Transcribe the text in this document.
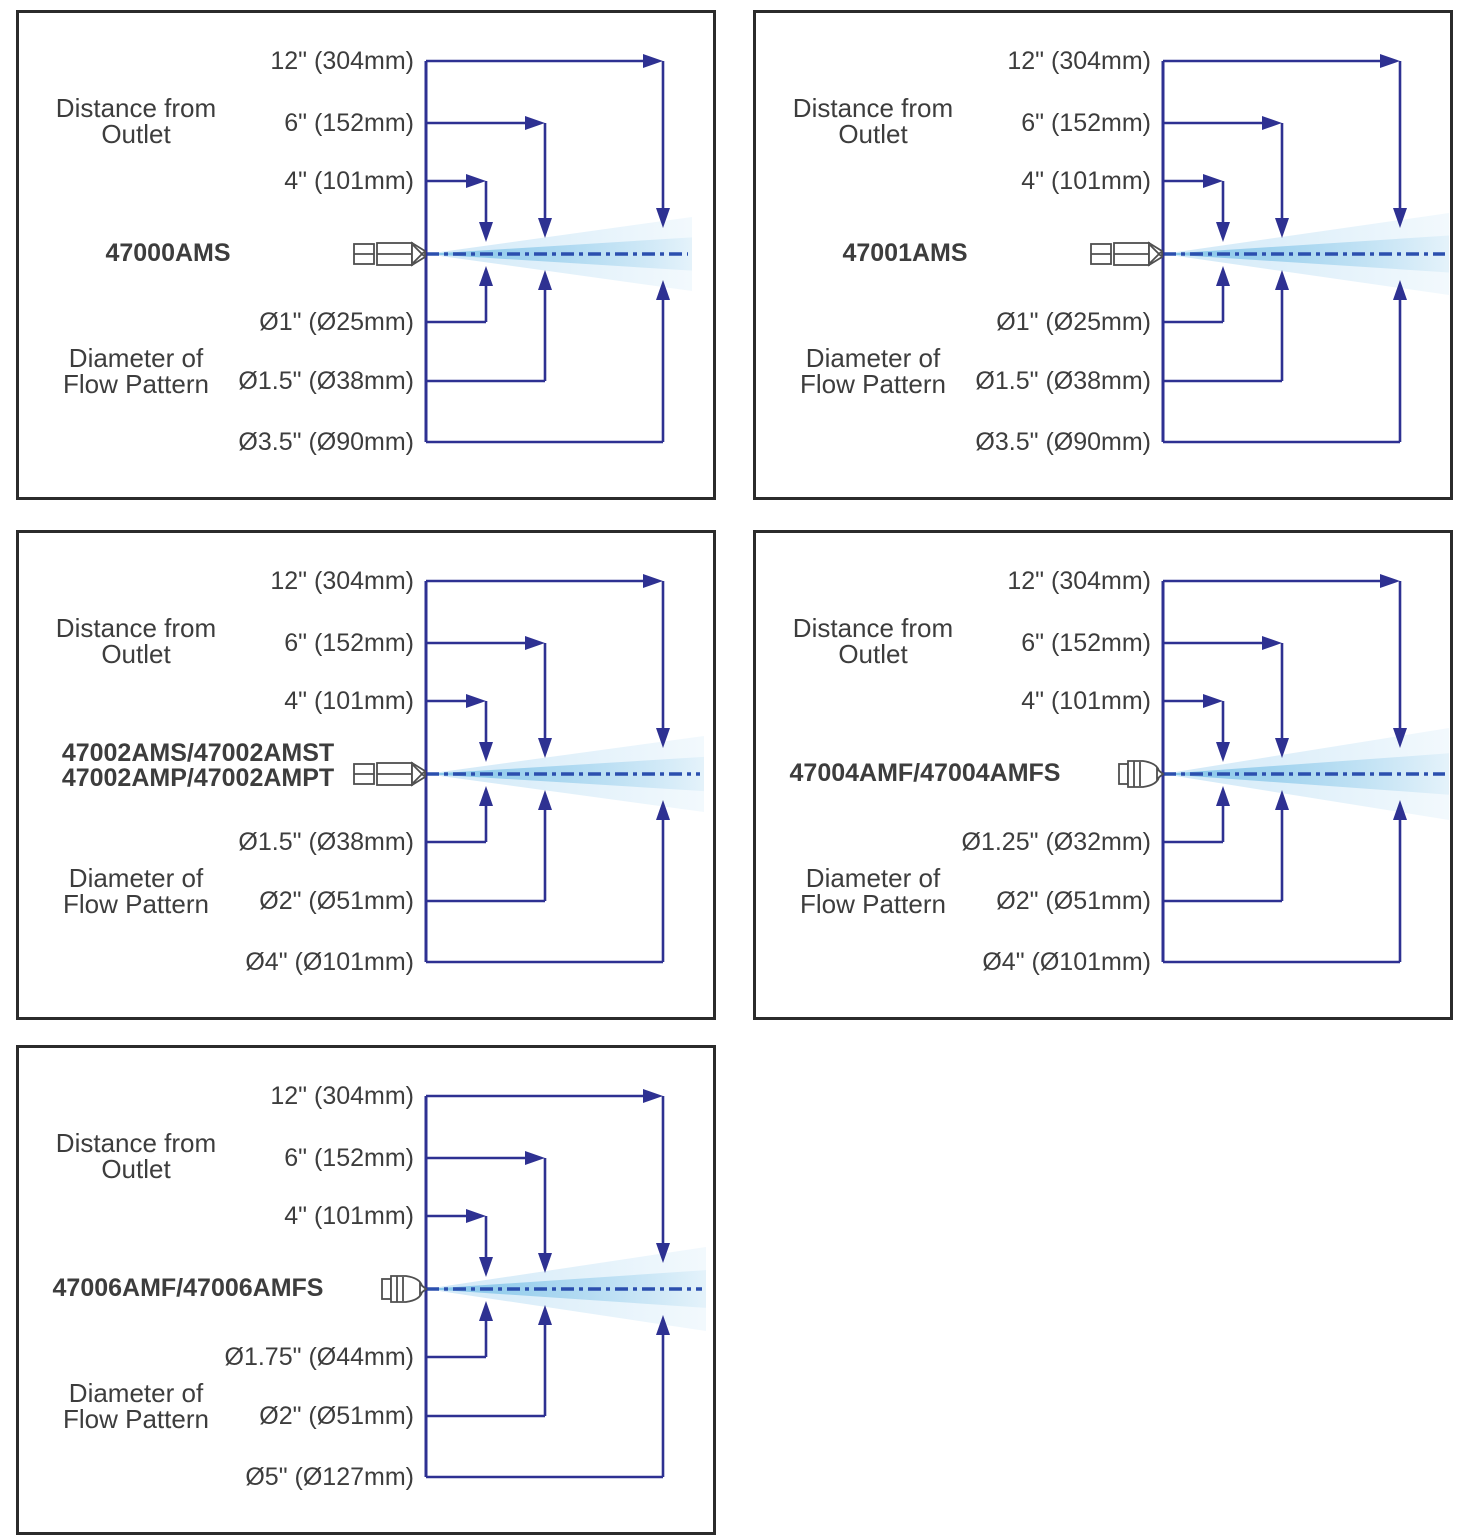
Distance from
Outlet
12" (304mm)
6" (152mm)
4" (101mm)
47000AMS
Diameter of
Flow Pattern
Ø1" (Ø25mm)
Ø1.5" (Ø38mm)
Ø3.5" (Ø90mm)
Distance from
Outlet
12" (304mm)
6" (152mm)
4" (101mm)
47001AMS
Diameter of
Flow Pattern
Ø1" (Ø25mm)
Ø1.5" (Ø38mm)
Ø3.5" (Ø90mm)
Distance from
Outlet
12" (304mm)
6" (152mm)
4" (101mm)
47002AMS/47002AMST
47002AMP/47002AMPT
Diameter of
Flow Pattern
Ø1.5" (Ø38mm)
Ø2" (Ø51mm)
Ø4" (Ø101mm)
Distance from
Outlet
12" (304mm)
6" (152mm)
4" (101mm)
47004AMF/47004AMFS
Diameter of
Flow Pattern
Ø1.25" (Ø32mm)
Ø2" (Ø51mm)
Ø4" (Ø101mm)
Distance from
Outlet
12" (304mm)
6" (152mm)
4" (101mm)
47006AMF/47006AMFS
Diameter of
Flow Pattern
Ø1.75" (Ø44mm)
Ø2" (Ø51mm)
Ø5" (Ø127mm)
